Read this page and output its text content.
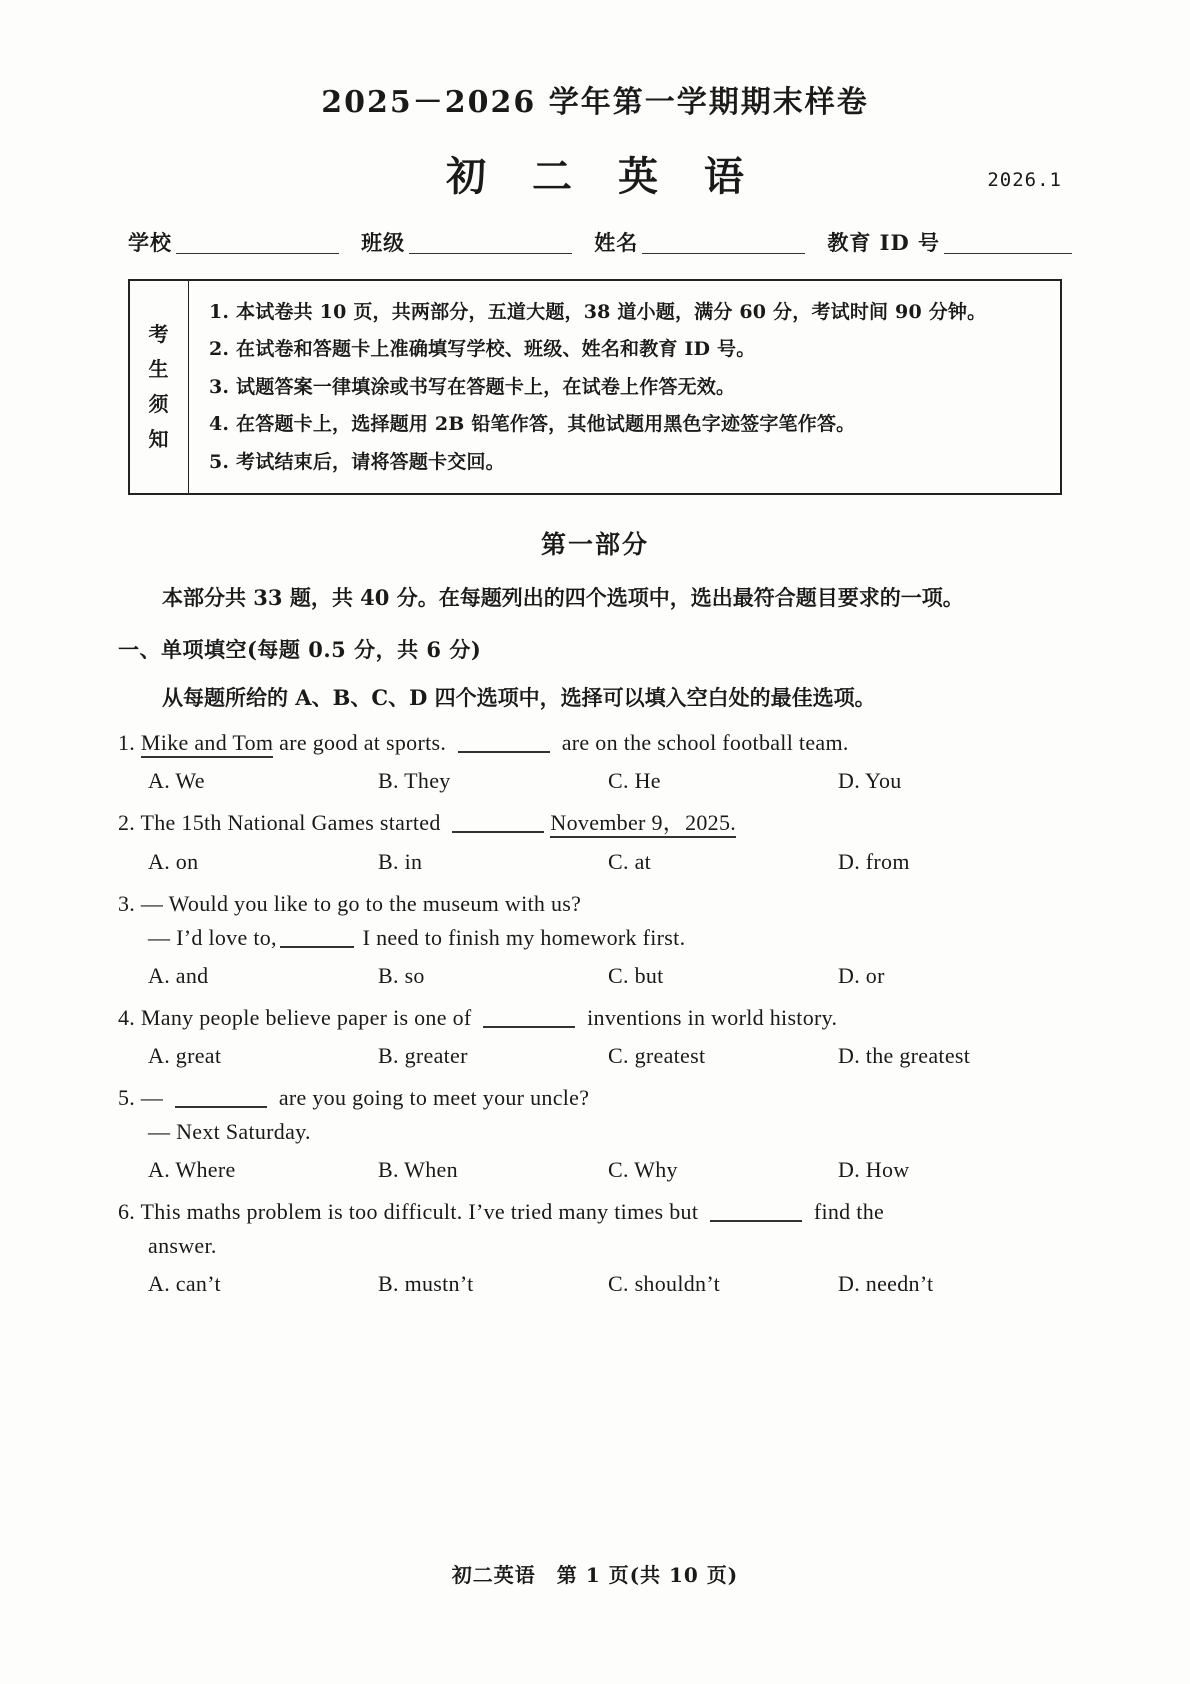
2025－2026 学年第一学期期末样卷
初 二 英 语	2026.1
学校	班级	姓名	教育 ID 号
考
生
须
知
1. 本试卷共 10 页，共两部分，五道大题，38 道小题，满分 60 分，考试时间 90 分钟。
2. 在试卷和答题卡上准确填写学校、班级、姓名和教育 ID 号。
3. 试题答案一律填涂或书写在答题卡上，在试卷上作答无效。
4. 在答题卡上，选择题用 2B 铅笔作答，其他试题用黑色字迹签字笔作答。
5. 考试结束后，请将答题卡交回。
第一部分
本部分共 33 题，共 40 分。在每题列出的四个选项中，选出最符合题目要求的一项。
一、单项填空(每题 0.5 分，共 6 分)
从每题所给的 A、B、C、D 四个选项中，选择可以填入空白处的最佳选项。
1. Mike and Tom are good at sports.	are on the school football team.
A. We	B. They	C. He	D. You
2. The 15th National Games started	November 9，2025.
A. on	B. in	C. at	D. from
3. — Would you like to go to the museum with us?
— I’d love to,	I need to finish my homework first.
A. and	B. so	C. but	D. or
4. Many people believe paper is one of	inventions in world history.
A. great	B. greater	C. greatest	D. the greatest
5. —	are you going to meet your uncle?
— Next Saturday.
A. Where	B. When	C. Why	D. How
6. This maths problem is too difficult. I’ve tried many times but	find the
answer.
A. can’t	B. mustn’t	C. shouldn’t	D. needn’t
初二英语　第 1 页(共 10 页)
